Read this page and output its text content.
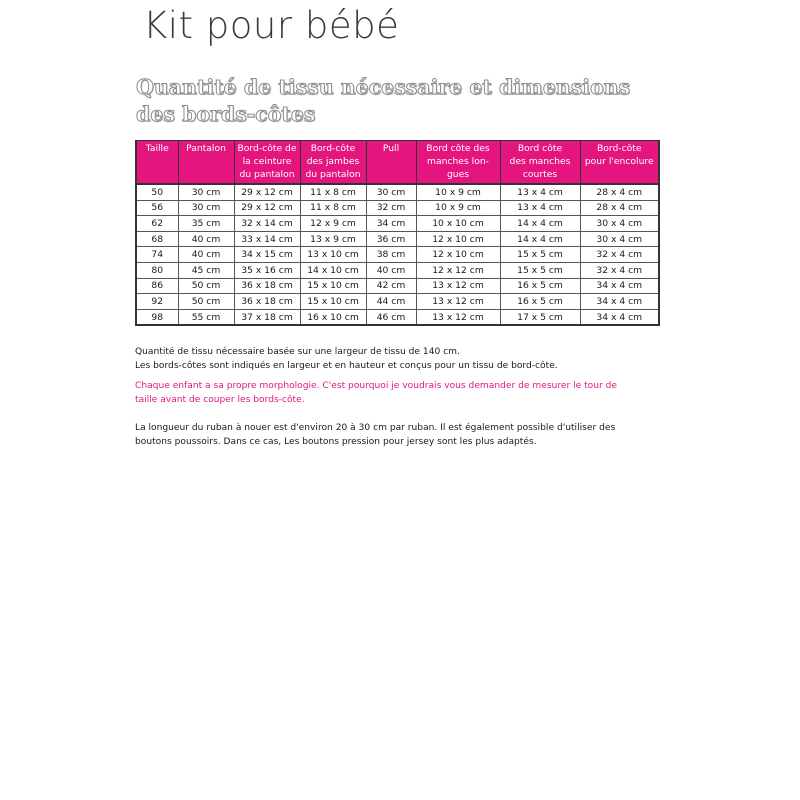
Kit pour bébé
Quantité de tissu nécessaire et dimensions
des bords-côtes
Taille	Pantalon	Bord-côte de
la ceinture
du pantalon	Bord-côte
des jambes
du pantalon	Pull	Bord côte des
manches lon-
gues	Bord côte
des manches
courtes	Bord-côte
pour l'encolure

50	30 cm	29 x 12 cm	11 x 8 cm	30 cm	10 x 9 cm	13 x 4 cm	28 x 4 cm
56	30 cm	29 x 12 cm	11 x 8 cm	32 cm	10 x 9 cm	13 x 4 cm	28 x 4 cm
62	35 cm	32 x 14 cm	12 x 9 cm	34 cm	10 x 10 cm	14 x 4 cm	30 x 4 cm
68	40 cm	33 x 14 cm	13 x 9 cm	36 cm	12 x 10 cm	14 x 4 cm	30 x 4 cm
74	40 cm	34 x 15 cm	13 x 10 cm	38 cm	12 x 10 cm	15 x 5 cm	32 x 4 cm
80	45 cm	35 x 16 cm	14 x 10 cm	40 cm	12 x 12 cm	15 x 5 cm	32 x 4 cm
86	50 cm	36 x 18 cm	15 x 10 cm	42 cm	13 x 12 cm	16 x 5 cm	34 x 4 cm
92	50 cm	36 x 18 cm	15 x 10 cm	44 cm	13 x 12 cm	16 x 5 cm	34 x 4 cm
98	55 cm	37 x 18 cm	16 x 10 cm	46 cm	13 x 12 cm	17 x 5 cm	34 x 4 cm

Quantité de tissu nécessaire basée sur une largeur de tissu de 140 cm.

Les bords-côtes sont indiqués en largeur et en hauteur et conçus pour un tissu de bord-côte.

Chaque enfant a sa propre morphologie. C'est pourquoi je voudrais vous demander de mesurer le tour de
taille avant de couper les bords-côte.

La longueur du ruban à nouer est d'environ 20 à 30 cm par ruban. Il est également possible d'utiliser des
boutons poussoirs. Dans ce cas, Les boutons pression pour jersey sont les plus adaptés.
